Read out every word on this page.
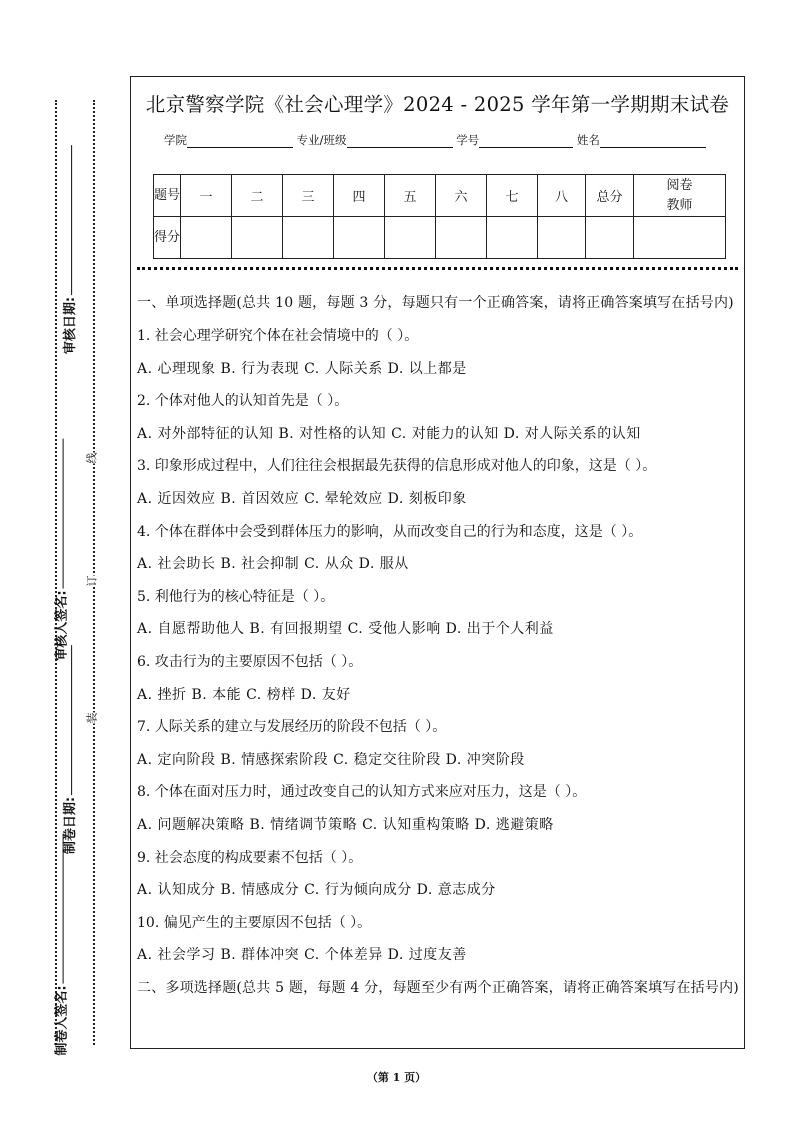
审核日期:
审核人签名:
制卷日期:
制卷人签名:
线
订
装
北京警察学院《社会心理学》2024 - 2025 学年第一学期期末试卷
学院	专业/班级	学号	姓名
题号	一	二	三	四	五	六	七	八	总分	阅卷教师
得分										
一、单项选择题(总共 10 题，每题 3 分，每题只有一个正确答案，请将正确答案填写在括号内)
1. 社会心理学研究个体在社会情境中的（ ）。
A. 心理现象 B. 行为表现 C. 人际关系 D. 以上都是
2. 个体对他人的认知首先是（ ）。
A. 对外部特征的认知 B. 对性格的认知 C. 对能力的认知 D. 对人际关系的认知
3. 印象形成过程中，人们往往会根据最先获得的信息形成对他人的印象，这是（ ）。
A. 近因效应 B. 首因效应 C. 晕轮效应 D. 刻板印象
4. 个体在群体中会受到群体压力的影响，从而改变自己的行为和态度，这是（ ）。
A. 社会助长 B. 社会抑制 C. 从众 D. 服从
5. 利他行为的核心特征是（ ）。
A. 自愿帮助他人 B. 有回报期望 C. 受他人影响 D. 出于个人利益
6. 攻击行为的主要原因不包括（ ）。
A. 挫折 B. 本能 C. 榜样 D. 友好
7. 人际关系的建立与发展经历的阶段不包括（ ）。
A. 定向阶段 B. 情感探索阶段 C. 稳定交往阶段 D. 冲突阶段
8. 个体在面对压力时，通过改变自己的认知方式来应对压力，这是（ ）。
A. 问题解决策略 B. 情绪调节策略 C. 认知重构策略 D. 逃避策略
9. 社会态度的构成要素不包括（ ）。
A. 认知成分 B. 情感成分 C. 行为倾向成分 D. 意志成分
10. 偏见产生的主要原因不包括（ ）。
A. 社会学习 B. 群体冲突 C. 个体差异 D. 过度友善
二、多项选择题(总共 5 题，每题 4 分，每题至少有两个正确答案，请将正确答案填写在括号内)
（第 1 页）
